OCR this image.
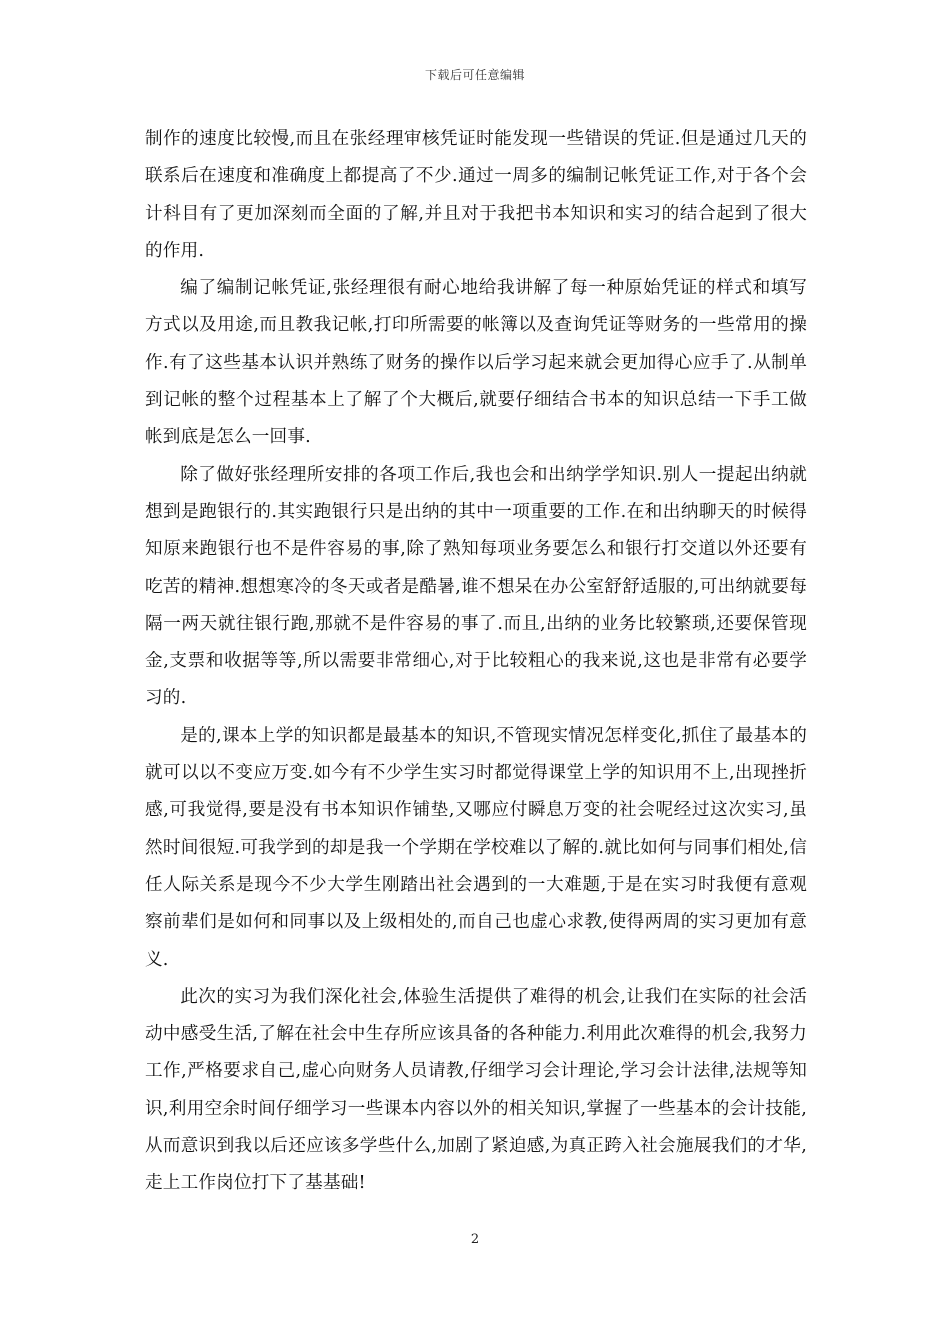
下载后可任意编辑

制作的速度比较慢,而且在张经理审核凭证时能发现一些错误的凭证.但是通过几天的联系后在速度和准确度上都提高了不少.通过一周多的编制记帐凭证工作,对于各个会计科目有了更加深刻而全面的了解,并且对于我把书本知识和实习的结合起到了很大的作用.

编了编制记帐凭证,张经理很有耐心地给我讲解了每一种原始凭证的样式和填写方式以及用途,而且教我记帐,打印所需要的帐簿以及查询凭证等财务的一些常用的操作.有了这些基本认识并熟练了财务的操作以后学习起来就会更加得心应手了.从制单到记帐的整个过程基本上了解了个大概后,就要仔细结合书本的知识总结一下手工做帐到底是怎么一回事.

除了做好张经理所安排的各项工作后,我也会和出纳学学知识.别人一提起出纳就想到是跑银行的.其实跑银行只是出纳的其中一项重要的工作.在和出纳聊天的时候得知原来跑银行也不是件容易的事,除了熟知每项业务要怎么和银行打交道以外还要有吃苦的精神.想想寒冷的冬天或者是酷暑,谁不想呆在办公室舒舒适服的,可出纳就要每隔一两天就往银行跑,那就不是件容易的事了.而且,出纳的业务比较繁琐,还要保管现金,支票和收据等等,所以需要非常细心,对于比较粗心的我来说,这也是非常有必要学习的.

是的,课本上学的知识都是最基本的知识,不管现实情况怎样变化,抓住了最基本的就可以以不变应万变.如今有不少学生实习时都觉得课堂上学的知识用不上,出现挫折感,可我觉得,要是没有书本知识作铺垫,又哪应付瞬息万变的社会呢经过这次实习,虽然时间很短.可我学到的却是我一个学期在学校难以了解的.就比如何与同事们相处,信任人际关系是现今不少大学生刚踏出社会遇到的一大难题,于是在实习时我便有意观察前辈们是如何和同事以及上级相处的,而自己也虚心求教,使得两周的实习更加有意义.

此次的实习为我们深化社会,体验生活提供了难得的机会,让我们在实际的社会活动中感受生活,了解在社会中生存所应该具备的各种能力.利用此次难得的机会,我努力工作,严格要求自己,虚心向财务人员请教,仔细学习会计理论,学习会计法律,法规等知识,利用空余时间仔细学习一些课本内容以外的相关知识,掌握了一些基本的会计技能,从而意识到我以后还应该多学些什么,加剧了紧迫感,为真正跨入社会施展我们的才华,走上工作岗位打下了基基础!

2
